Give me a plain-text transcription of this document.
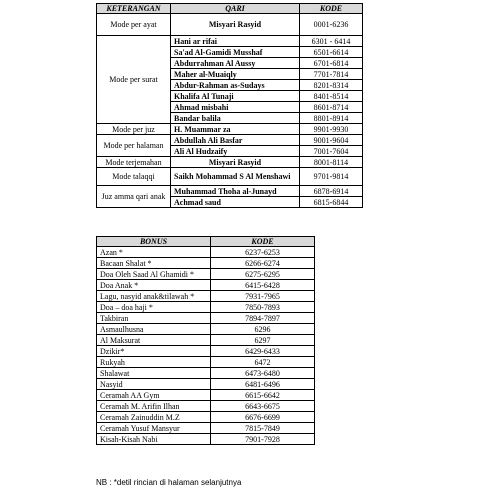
KETERANGAN	QARI	KODE
Mode per ayat	Misyari Rasyid	0001-6236
Mode per surat	Hani ar rifai	6301 - 6414
	Sa'ad Al-Gamidi Musshaf	6501-6614
	Abdurrahman Al Aussy	6701-6814
	Maher al-Muaiqly	7701-7814
	Abdur-Rahman as-Sudays	8201-8314
	Khalifa Al Tunaji	8401-8514
	Ahmad misbahi	8601-8714
	Bandar balila	8801-8914
Mode per juz	H. Muammar za	9901-9930
Mode per halaman	Abdullah Ali Basfar	9001-9604
	Ali Al Hudzaify	7001-7604
Mode terjemahan	Misyari Rasyid	8001-8114
Mode talaqqi	Saikh Mohammad S Al Menshawi	9701-9814
Juz amma qari anak	Muhammad Thoha al-Junayd	6878-6914
	Achmad saud	6815-6844
BONUS	KODE
Azan *	6237-6253
Bacaan Shalat *	6266-6274
Doa Oleh Saad Al Ghamidi *	6275-6295
Doa Anak *	6415-6428
Lagu, nasyid anak&tilawah *	7931-7965
Doa – doa haji *	7850-7893
Takbiran	7894-7897
Asmaulhusna	6296
Al Maksurat	6297
Dzikir*	6429-6433
Rukyah	6472
Shalawat	6473-6480
Nasyid	6481-6496
Ceramah AA Gym	6615-6642
Ceramah M. Arifin Ilhan	6643-6675
Ceramah Zainuddin M.Z	6676-6699
Ceramah Yusuf Mansyur	7815-7849
Kisah-Kisah Nabi	7901-7928
NB : *detil rincian di halaman selanjutnya
